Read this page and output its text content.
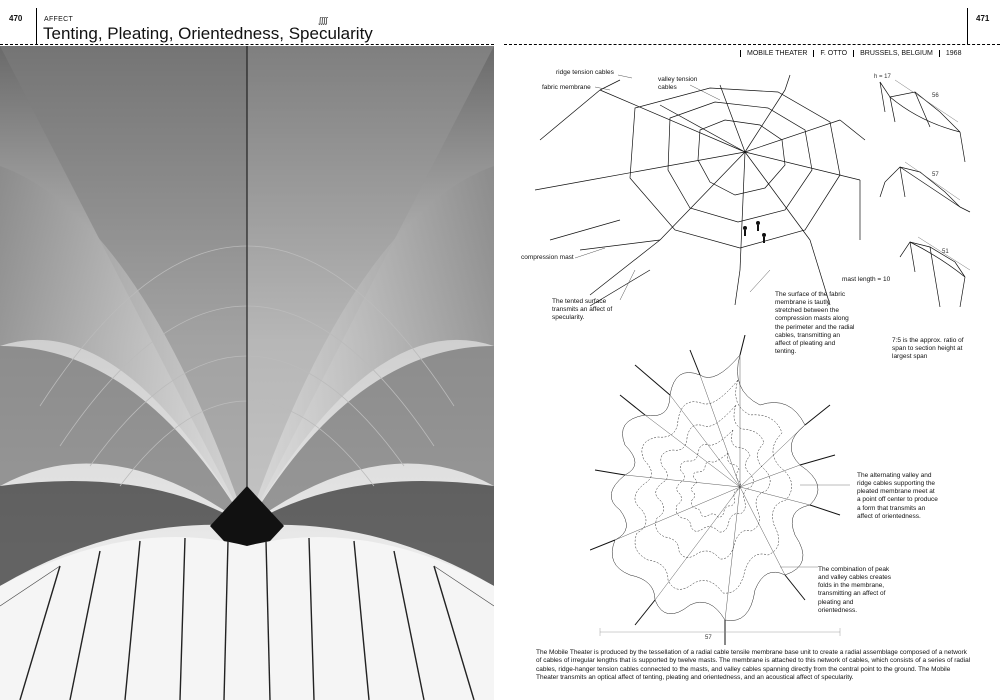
470	AFFECT
Tenting, Pleating, Orientedness, Specularity
⨌	471
MOBILE THEATER	F. OTTO	BRUSSELS, BELGIUM	1968
ridge tension cables
fabric membrane
valley tension cables
compression mast
The tented surface transmits an affect of specularity.
The surface of the fabric membrane is tautly stretched between the compression masts along the perimeter and the radial cables, transmitting an affect of pleating and tenting.
h = 17
56
57
51
mast length = 10
7:5 is the approx. ratio of span to section height at largest span
57
The alternating valley and ridge cables supporting the pleated membrane meet at a point off center to produce a form that transmits an affect of orientedness.
The combination of peak and valley cables creates folds in the membrane, transmitting an affect of pleating and orientedness.
The Mobile Theater is produced by the tessellation of a radial cable tensile membrane base unit to create a radial assemblage composed of a network of cables of irregular lengths that is supported by twelve masts. The membrane is attached to this network of cables, which consists of a series of radial cables, ridge-hanger tension cables connected to the masts, and valley cables spanning directly from the central point to the ground. The Mobile Theater transmits an optical affect of tenting, pleating and orientedness, and an acoustical affect of specularity.
